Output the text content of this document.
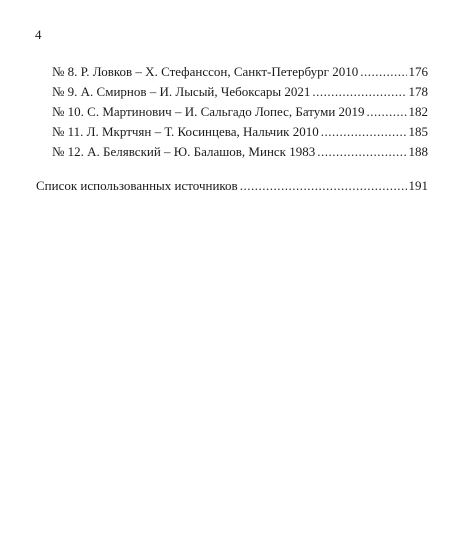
4
№ 8. Р. Ловков – Х. Стефанссон, Санкт-Петербург 2010 .....	176
№ 9. А. Смирнов – И. Лысый, Чебоксары 2021 .....	178
№ 10. С. Мартинович – И. Сальгадо Лопес, Батуми 2019 .....	182
№ 11. Л. Мкртчян – Т. Косинцева, Нальчик 2010 .....	185
№ 12. А. Белявский – Ю. Балашов, Минск 1983 .....	188
Список использованных источников .....	191
